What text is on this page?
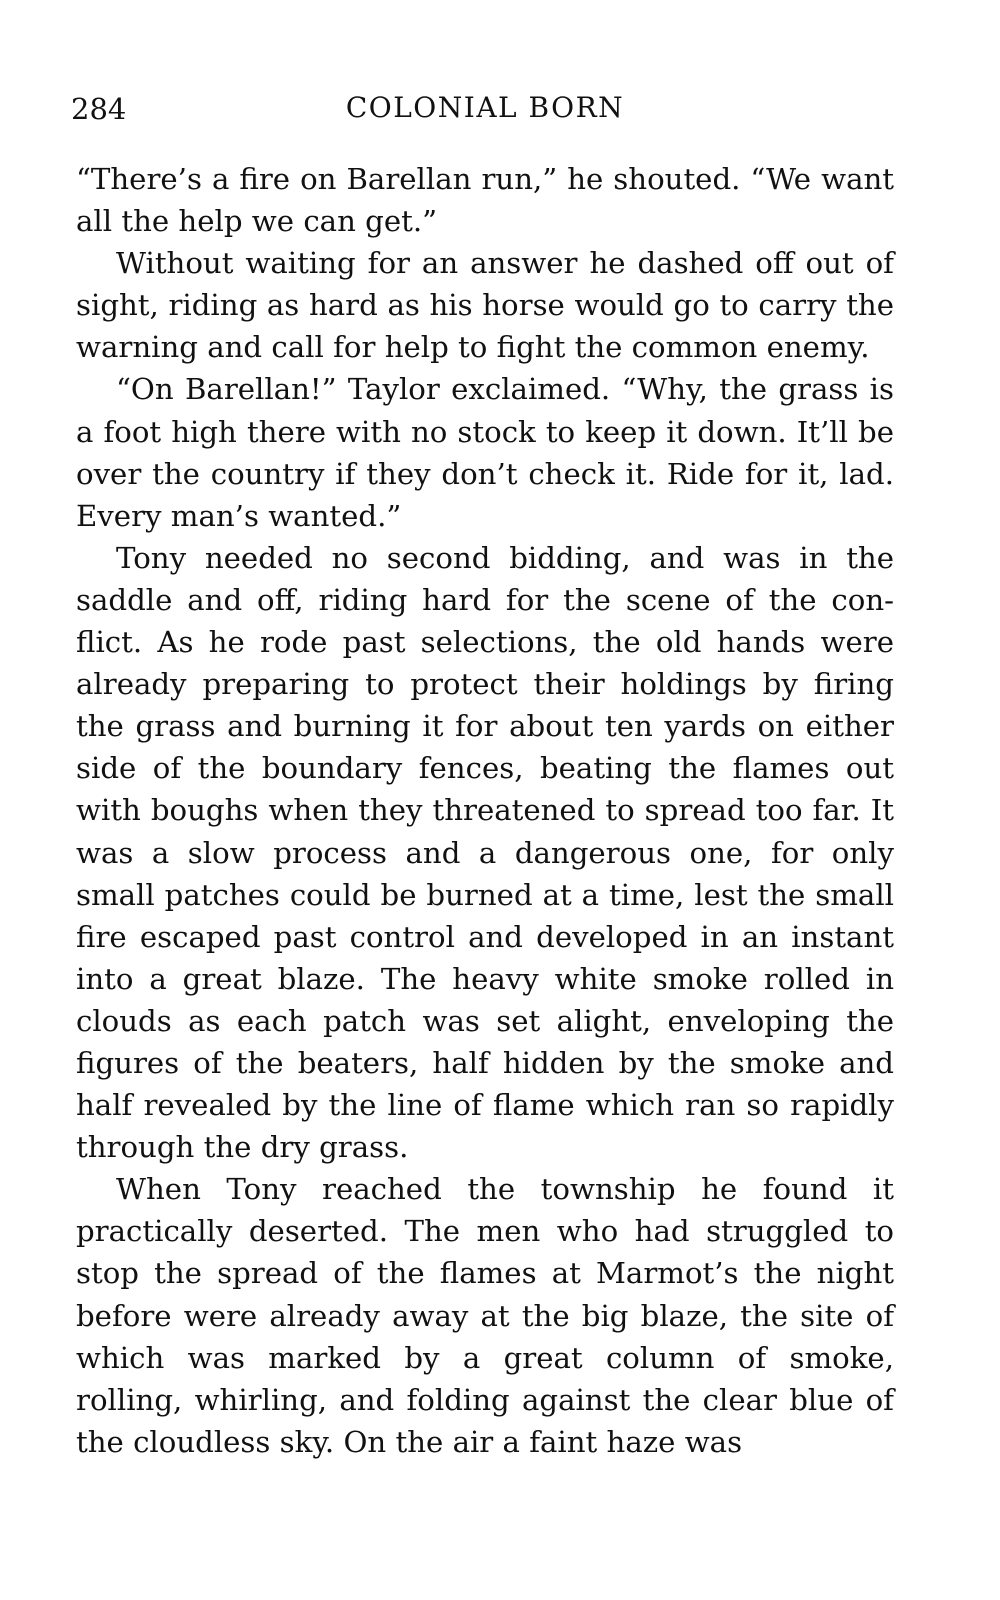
284	COLONIAL BORN

“There’s a fire on Barellan run,” he shouted. “We want all the help we can get.”

Without waiting for an answer he dashed off out of sight, riding as hard as his horse would go to carry the warning and call for help to fight the common enemy.

“On Barellan!” Taylor exclaimed. “Why, the grass is a foot high there with no stock to keep it down. It’ll be over the country if they don’t check it. Ride for it, lad. Every man’s wanted.”

Tony needed no second bidding, and was in the saddle and off, riding hard for the scene of the conflict. As he rode past selections, the old hands were already preparing to protect their holdings by firing the grass and burning it for about ten yards on either side of the boundary fences, beating the flames out with boughs when they threatened to spread too far. It was a slow process and a dangerous one, for only small patches could be burned at a time, lest the small fire escaped past control and developed in an instant into a great blaze. The heavy white smoke rolled in clouds as each patch was set alight, enveloping the figures of the beaters, half hidden by the smoke and half revealed by the line of flame which ran so rapidly through the dry grass.

When Tony reached the township he found it practically deserted. The men who had struggled to stop the spread of the flames at Marmot’s the night before were already away at the big blaze, the site of which was marked by a great column of smoke, rolling, whirling, and folding against the clear blue of the cloudless sky. On the air a faint haze was
